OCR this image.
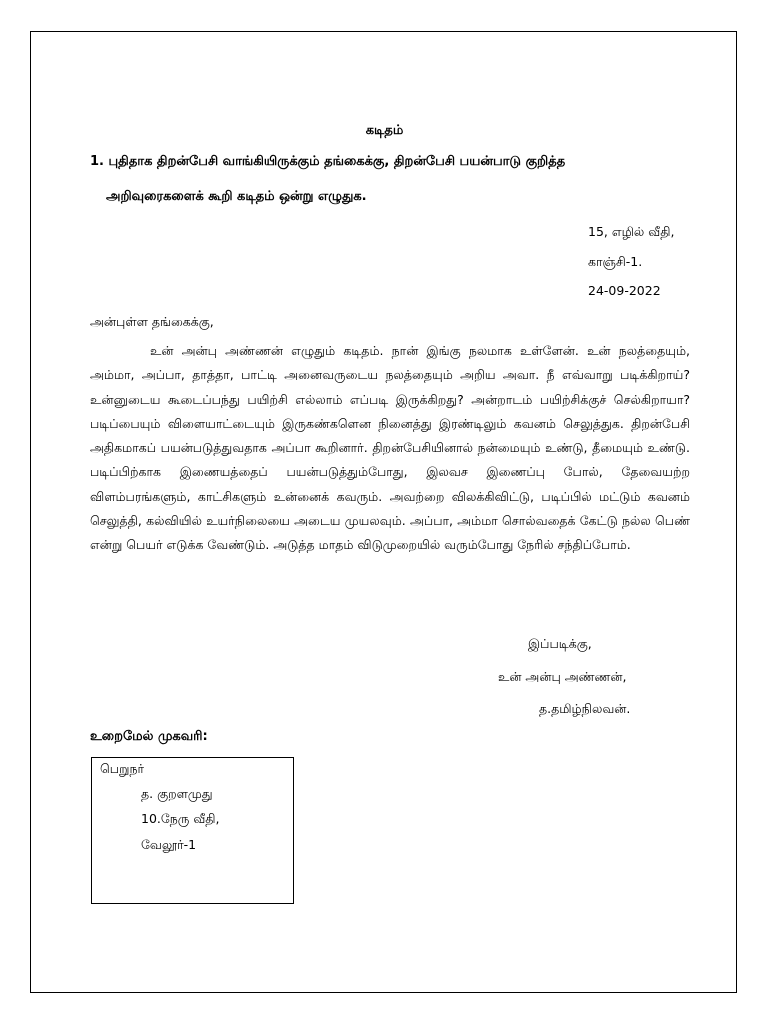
கடிதம்
1. புதிதாக திறன்பேசி வாங்கியிருக்கும் தங்கைக்கு, திறன்பேசி பயன்பாடு குறித்த
அறிவுரைகளைக் கூறி கடிதம் ஒன்று எழுதுக.
15, எழில் வீதி,
காஞ்சி-1.
24-09-2022
அன்புள்ள தங்கைக்கு,

உன் அன்பு அண்ணன் எழுதும் கடிதம். நான் இங்கு நலமாக உள்ளேன். உன் நலத்தையும், அம்மா, அப்பா, தாத்தா, பாட்டி அனைவருடைய நலத்தையும் அறிய அவா. நீ எவ்வாறு படிக்கிறாய்? உன்னுடைய கூடைப்பந்து பயிற்சி எல்லாம் எப்படி இருக்கிறது? அன்றாடம் பயிற்சிக்குச் செல்கிறாயா? படிப்பையும் விளையாட்டையும் இருகண்களென நினைத்து இரண்டிலும் கவனம் செலுத்துக. திறன்பேசி அதிகமாகப் பயன்படுத்துவதாக அப்பா கூறினார். திறன்பேசியினால் நன்மையும் உண்டு, தீமையும் உண்டு. படிப்பிற்காக இணையத்தைப் பயன்படுத்தும்போது, இலவச இணைப்பு போல், தேவையற்ற விளம்பரங்களும், காட்சிகளும் உன்னைக் கவரும். அவற்றை விலக்கிவிட்டு, படிப்பில் மட்டும் கவனம் செலுத்தி, கல்வியில் உயர்நிலையை அடைய முயலவும். அப்பா, அம்மா சொல்வதைக் கேட்டு நல்ல பெண் என்று பெயர் எடுக்க வேண்டும். அடுத்த மாதம் விடுமுறையில் வரும்போது நேரில் சந்திப்போம்.

இப்படிக்கு,
உன் அன்பு அண்ணன்,
த.தமிழ்நிலவன்.
உறைமேல் முகவரி:
பெறுநர்
த. குறளமுது
10.நேரு வீதி,
வேலூர்-1
